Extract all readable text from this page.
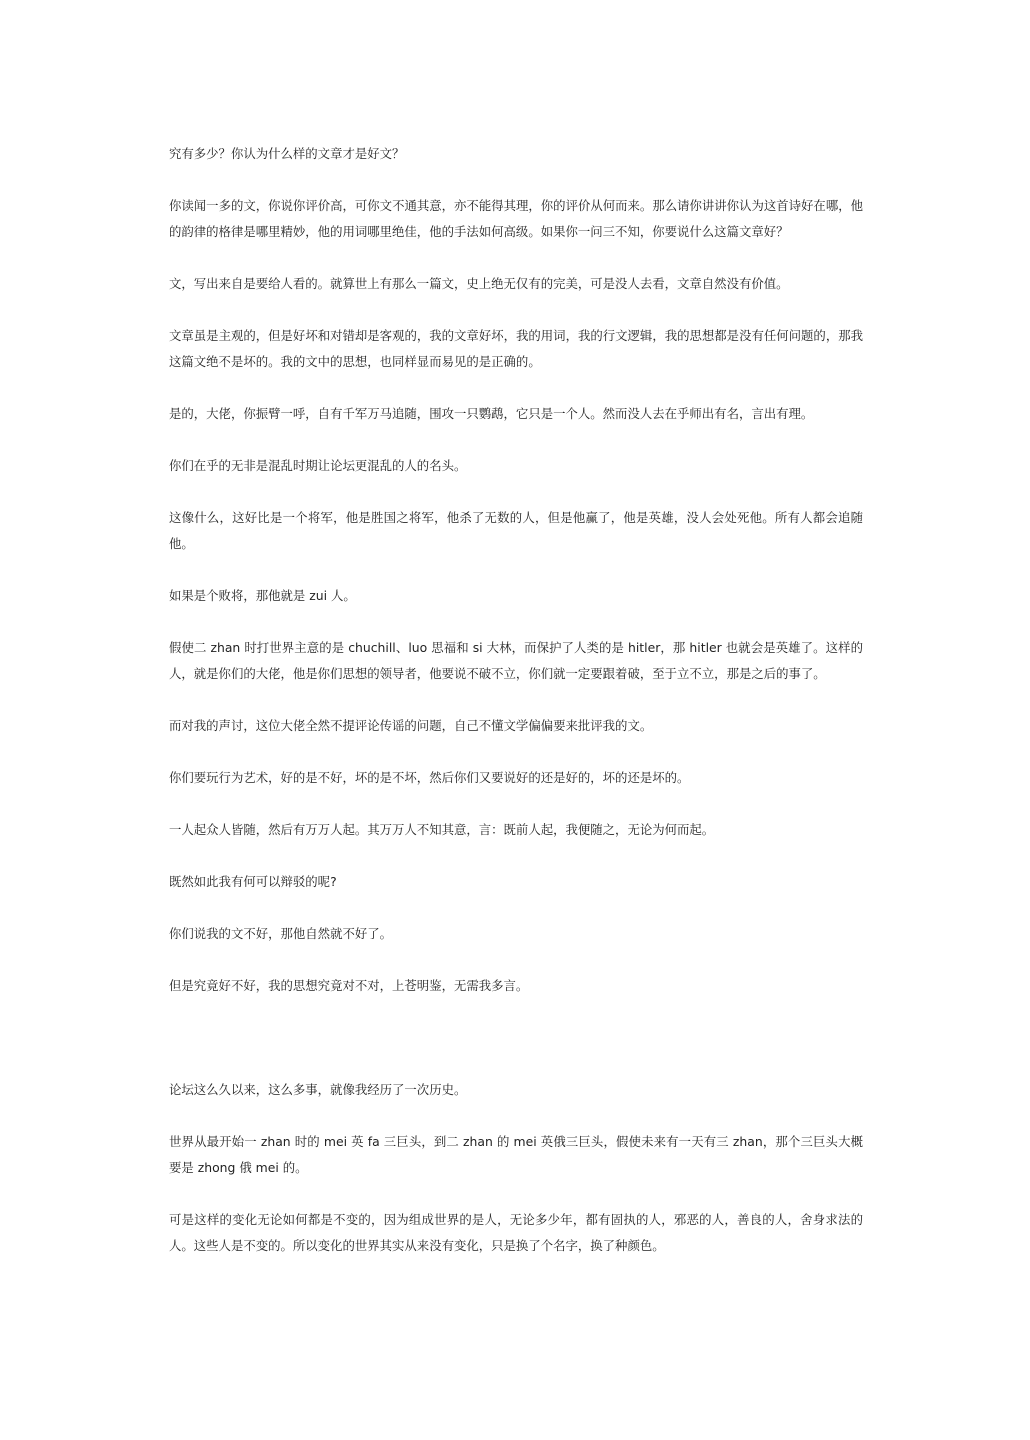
究有多少？你认为什么样的文章才是好文？

你读闻一多的文，你说你评价高，可你文不通其意，亦不能得其理，你的评价从何而来。那么请你讲讲你认为这首诗好在哪，他的韵律的格律是哪里精妙，他的用词哪里绝佳，他的手法如何高级。如果你一问三不知，你要说什么这篇文章好？

文，写出来自是要给人看的。就算世上有那么一篇文，史上绝无仅有的完美，可是没人去看，文章自然没有价值。

文章虽是主观的，但是好坏和对错却是客观的，我的文章好坏，我的用词，我的行文逻辑，我的思想都是没有任何问题的，那我这篇文绝不是坏的。我的文中的思想，也同样显而易见的是正确的。

是的，大佬，你振臂一呼，自有千军万马追随，围攻一只鹦鹉，它只是一个人。然而没人去在乎师出有名，言出有理。

你们在乎的无非是混乱时期让论坛更混乱的人的名头。

这像什么，这好比是一个将军，他是胜国之将军，他杀了无数的人，但是他赢了，他是英雄，没人会处死他。所有人都会追随他。

如果是个败将，那他就是 zui 人。

假使二 zhan 时打世界主意的是 chuchill、luo 思福和 si 大林，而保护了人类的是 hitler，那 hitler 也就会是英雄了。这样的人，就是你们的大佬，他是你们思想的领导者，他要说不破不立，你们就一定要跟着破，至于立不立，那是之后的事了。

而对我的声讨，这位大佬全然不提评论传谣的问题，自己不懂文学偏偏要来批评我的文。

你们要玩行为艺术，好的是不好，坏的是不坏，然后你们又要说好的还是好的，坏的还是坏的。

一人起众人皆随，然后有万万人起。其万万人不知其意，言：既前人起，我便随之，无论为何而起。

既然如此我有何可以辩驳的呢?

你们说我的文不好，那他自然就不好了。

但是究竟好不好，我的思想究竟对不对，上苍明鉴，无需我多言。

论坛这么久以来，这么多事，就像我经历了一次历史。

世界从最开始一 zhan 时的 mei 英 fa 三巨头，到二 zhan 的 mei 英俄三巨头，假使未来有一天有三 zhan，那个三巨头大概要是 zhong 俄 mei 的。

可是这样的变化无论如何都是不变的，因为组成世界的是人，无论多少年，都有固执的人，邪恶的人，善良的人，舍身求法的人。这些人是不变的。所以变化的世界其实从来没有变化，只是换了个名字，换了种颜色。
